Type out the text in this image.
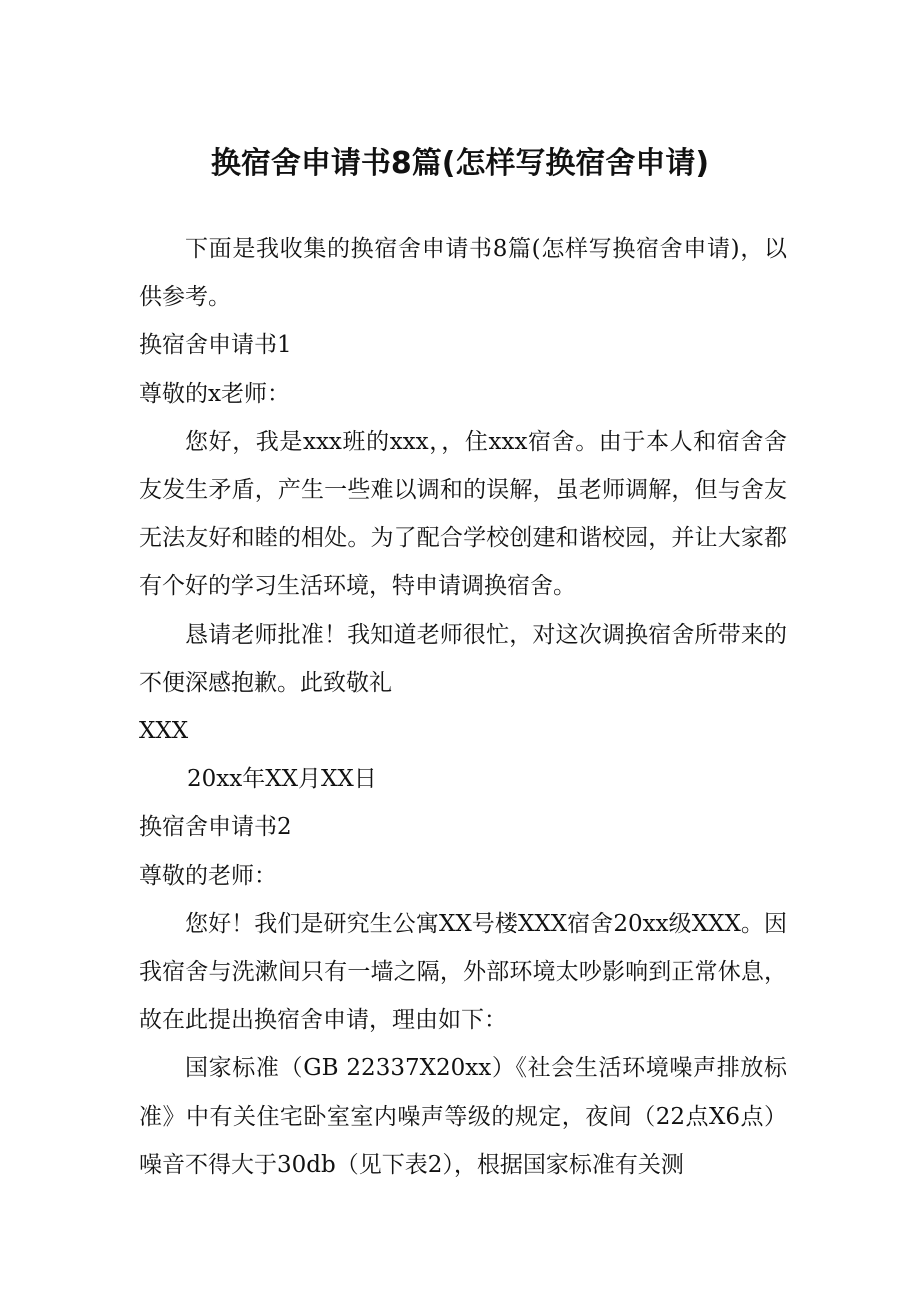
换宿舍申请书8篇(怎样写换宿舍申请)

下面是我收集的换宿舍申请书8篇(怎样写换宿舍申请)，以供参考。

换宿舍申请书1

尊敬的x老师：

您好，我是xxx班的xxx，，住xxx宿舍。由于本人和宿舍舍友发生矛盾，产生一些难以调和的误解，虽老师调解，但与舍友无法友好和睦的相处。为了配合学校创建和谐校园，并让大家都有个好的学习生活环境，特申请调换宿舍。

恳请老师批准！我知道老师很忙，对这次调换宿舍所带来的不便深感抱歉。此致敬礼

XXX

20xx年XX月XX日

换宿舍申请书2

尊敬的老师：

您好！我们是研究生公寓XX号楼XXX宿舍20xx级XXX。因我宿舍与洗漱间只有一墙之隔，外部环境太吵影响到正常休息，故在此提出换宿舍申请，理由如下：

国家标准（GB 22337X20xx）《社会生活环境噪声排放标准》中有关住宅卧室室内噪声等级的规定，夜间（22点X6点）噪音不得大于30db（见下表2），根据国家标准有关测
